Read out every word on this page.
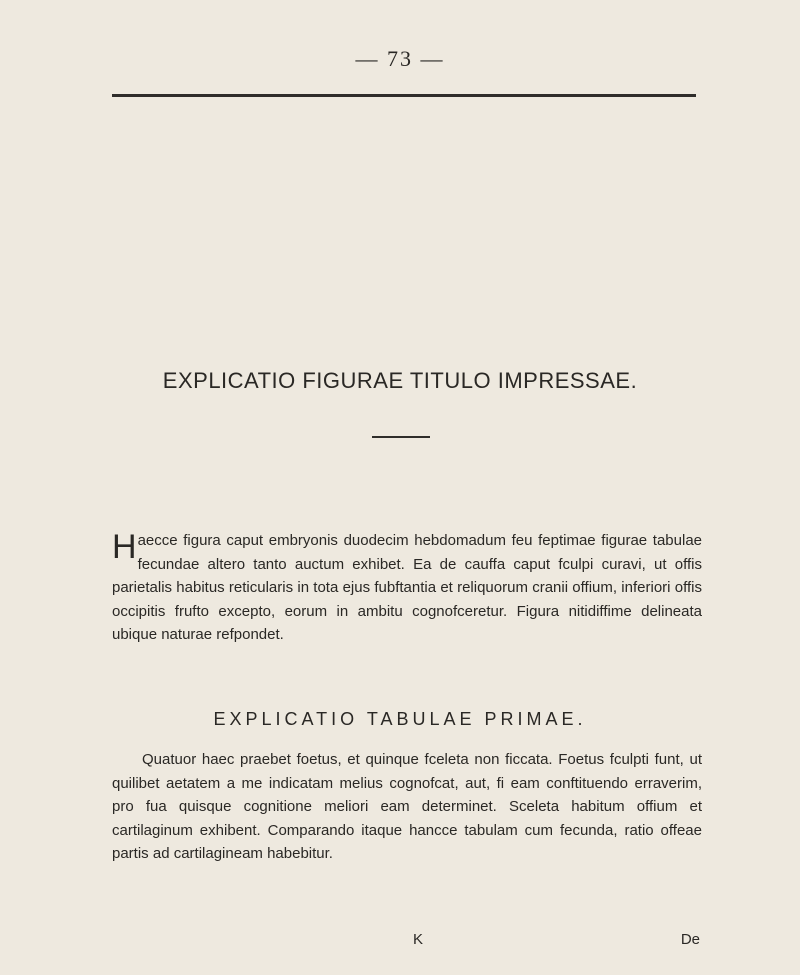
— 73 —
EXPLICATIO FIGURAE TITULO IMPRESSAE.
Haecce figura caput embryonis duodecim hebdomadum feu feptimae figurae tabulae fecundae altero tanto auctum exhibet. Ea de cauffa caput fculpi curavi, ut offis parietalis habitus reticularis in tota ejus fubftantia et reliquorum cranii offium, inferiori offis occipitis frufto excepto, eorum in ambitu cognofceretur. Figura nitidiffime delineata ubique naturae refpondet.
EXPLICATIO TABULAE PRIMAE.
Quatuor haec praebet foetus, et quinque fceleta non ficcata. Foetus fculpti funt, ut quilibet aetatem a me indicatam melius cognofcat, aut, fi eam conftituendo erraverim, pro fua quisque cognitione meliori eam determinet. Sceleta habitum offium et cartilaginum exhibent. Comparando itaque hancce tabulam cum fecunda, ratio offeae partis ad cartilagineam habebitur.
K	De
